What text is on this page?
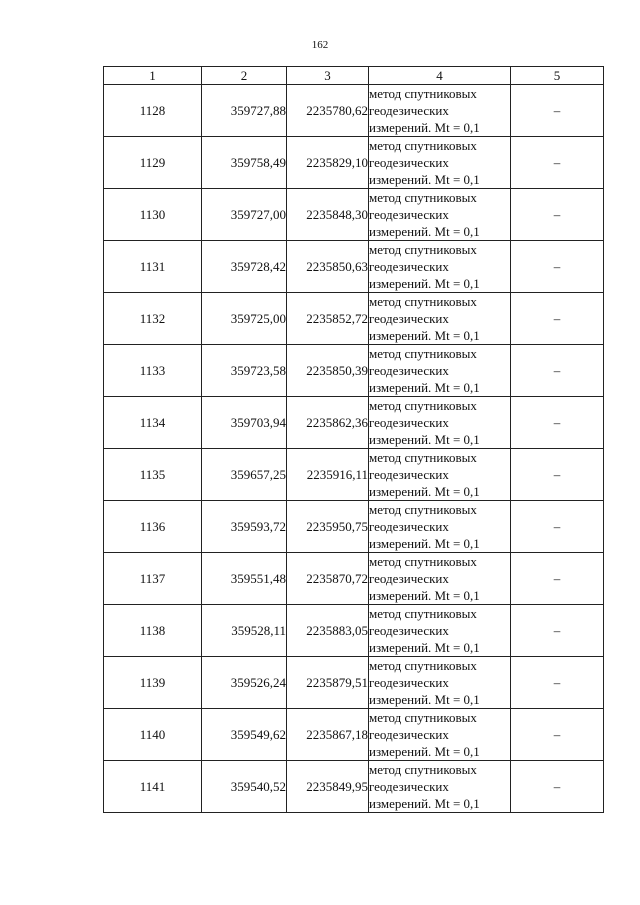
162
1	2	3	4	5
1128	359727,88	2235780,62	метод спутниковых
геодезических
измерений. Mt = 0,1	–
1129	359758,49	2235829,10	метод спутниковых
геодезических
измерений. Mt = 0,1	–
1130	359727,00	2235848,30	метод спутниковых
геодезических
измерений. Mt = 0,1	–
1131	359728,42	2235850,63	метод спутниковых
геодезических
измерений. Mt = 0,1	–
1132	359725,00	2235852,72	метод спутниковых
геодезических
измерений. Mt = 0,1	–
1133	359723,58	2235850,39	метод спутниковых
геодезических
измерений. Mt = 0,1	–
1134	359703,94	2235862,36	метод спутниковых
геодезических
измерений. Mt = 0,1	–
1135	359657,25	2235916,11	метод спутниковых
геодезических
измерений. Mt = 0,1	–
1136	359593,72	2235950,75	метод спутниковых
геодезических
измерений. Mt = 0,1	–
1137	359551,48	2235870,72	метод спутниковых
геодезических
измерений. Mt = 0,1	–
1138	359528,11	2235883,05	метод спутниковых
геодезических
измерений. Mt = 0,1	–
1139	359526,24	2235879,51	метод спутниковых
геодезических
измерений. Mt = 0,1	–
1140	359549,62	2235867,18	метод спутниковых
геодезических
измерений. Mt = 0,1	–
1141	359540,52	2235849,95	метод спутниковых
геодезических
измерений. Mt = 0,1	–
